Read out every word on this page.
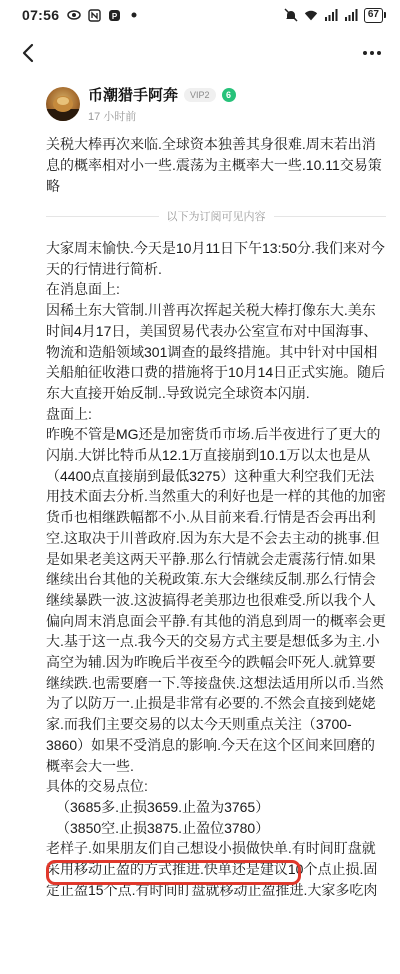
07:56	P	67
币潮猎手阿奔	VIP2	6
17 小时前
关税大棒再次来临.全球资本独善其身很难.周末若出消息的概率相对小一些.震荡为主概率大一些.10.11交易策略
以下为订阅可见内容

大家周末愉快.今天是10月11日下午13:50分.我们来对今天的行情进行简析.

在消息面上:

因稀土东大管制.川普再次挥起关税大棒打像东大.美东时间4月17日，美国贸易代表办公室宣布对中国海事、物流和造船领域301调查的最终措施。其中针对中国相关船舶征收港口费的措施将于10月14日正式实施。随后东大直接开始反制..导致说完全球资本闪崩.

盘面上:

昨晚不管是MG还是加密货币市场.后半夜进行了更大的闪崩.大饼比特币从12.1万直接崩到10.1万以太也是从（4400点直接崩到最低3275）这种重大利空我们无法用技术面去分析.当然重大的利好也是一样的其他的加密货币也相继跌幅都不小.从目前来看.行情是否会再出利空.这取决于川普政府.因为东大是不会去主动的挑事.但是如果老美这两天平静.那么行情就会走震荡行情.如果继续出台其他的关税政策.东大会继续反制.那么行情会继续暴跌一波.这波搞得老美那边也很难受.所以我个人偏向周末消息面会平静.有其他的消息到周一的概率会更大.基于这一点.我今天的交易方式主要是想低多为主.小高空为辅.因为昨晚后半夜至今的跌幅会吓死人.就算要继续跌.也需要磨一下.等接盘侠.这想法适用所以币.当然为了以防万一.止损是非常有必要的.不然会直接到姥姥家.而我们主要交易的以太今天则重点关注（3700-3860）如果不受消息的影响.今天在这个区间来回磨的概率会大一些.

具体的交易点位:

（3685多.止损3659.止盈为3765）

（3850空.止损3875.止盈位3780）

老样子.如果朋友们自己想设小损做快单.有时间盯盘就采用移动止盈的方式推进.快单还是建议10个点止损.固定止盈15个点.有时间盯盘就移动止盈推进.大家多吃肉
